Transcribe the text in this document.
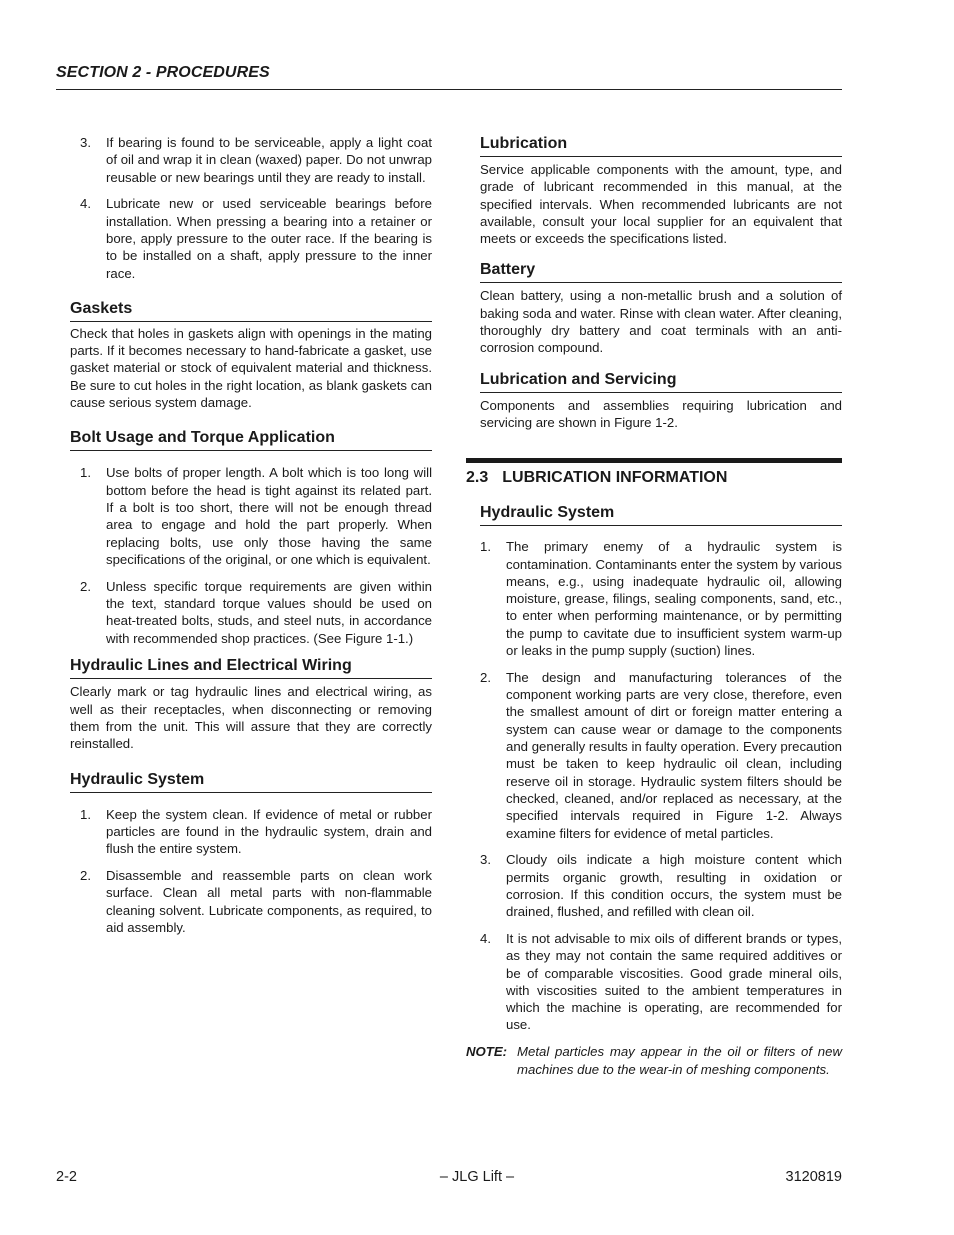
SECTION 2 - PROCEDURES
3. If bearing is found to be serviceable, apply a light coat of oil and wrap it in clean (waxed) paper. Do not unwrap reusable or new bearings until they are ready to install.

4. Lubricate new or used serviceable bearings before installation. When pressing a bearing into a retainer or bore, apply pressure to the outer race. If the bearing is to be installed on a shaft, apply pressure to the inner race.

Gaskets

Check that holes in gaskets align with openings in the mating parts. If it becomes necessary to hand-fabricate a gasket, use gasket material or stock of equivalent material and thickness. Be sure to cut holes in the right location, as blank gaskets can cause serious system damage.

Bolt Usage and Torque Application
1. Use bolts of proper length. A bolt which is too long will bottom before the head is tight against its related part. If a bolt is too short, there will not be enough thread area to engage and hold the part properly. When replacing bolts, use only those having the same specifications of the original, or one which is equivalent.

2. Unless specific torque requirements are given within the text, standard torque values should be used on heat-treated bolts, studs, and steel nuts, in accordance with recommended shop practices. (See Figure 1-1.)

Hydraulic Lines and Electrical Wiring

Clearly mark or tag hydraulic lines and electrical wiring, as well as their receptacles, when disconnecting or removing them from the unit. This will assure that they are correctly reinstalled.

Hydraulic System
1. Keep the system clean. If evidence of metal or rubber particles are found in the hydraulic system, drain and flush the entire system.

2. Disassemble and reassemble parts on clean work surface. Clean all metal parts with non-flammable cleaning solvent. Lubricate components, as required, to aid assembly.

Lubrication

Service applicable components with the amount, type, and grade of lubricant recommended in this manual, at the specified intervals. When recommended lubricants are not available, consult your local supplier for an equivalent that meets or exceeds the specifications listed.

Battery

Clean battery, using a non-metallic brush and a solution of baking soda and water. Rinse with clean water. After cleaning, thoroughly dry battery and coat terminals with an anti-corrosion compound.

Lubrication and Servicing

Components and assemblies requiring lubrication and servicing are shown in Figure 1-2.

2.3 LUBRICATION INFORMATION
Hydraulic System
1. The primary enemy of a hydraulic system is contamination. Contaminants enter the system by various means, e.g., using inadequate hydraulic oil, allowing moisture, grease, filings, sealing components, sand, etc., to enter when performing maintenance, or by permitting the pump to cavitate due to insufficient system warm-up or leaks in the pump supply (suction) lines.

2. The design and manufacturing tolerances of the component working parts are very close, therefore, even the smallest amount of dirt or foreign matter entering a system can cause wear or damage to the components and generally results in faulty operation. Every precaution must be taken to keep hydraulic oil clean, including reserve oil in storage. Hydraulic system filters should be checked, cleaned, and/or replaced as necessary, at the specified intervals required in Figure 1-2. Always examine filters for evidence of metal particles.

3. Cloudy oils indicate a high moisture content which permits organic growth, resulting in oxidation or corrosion. If this condition occurs, the system must be drained, flushed, and refilled with clean oil.

4. It is not advisable to mix oils of different brands or types, as they may not contain the same required additives or be of comparable viscosities. Good grade mineral oils, with viscosities suited to the ambient temperatures in which the machine is operating, are recommended for use.

NOTE: Metal particles may appear in the oil or filters of new machines due to the wear-in of meshing components.
2-2	– JLG Lift –	3120819
